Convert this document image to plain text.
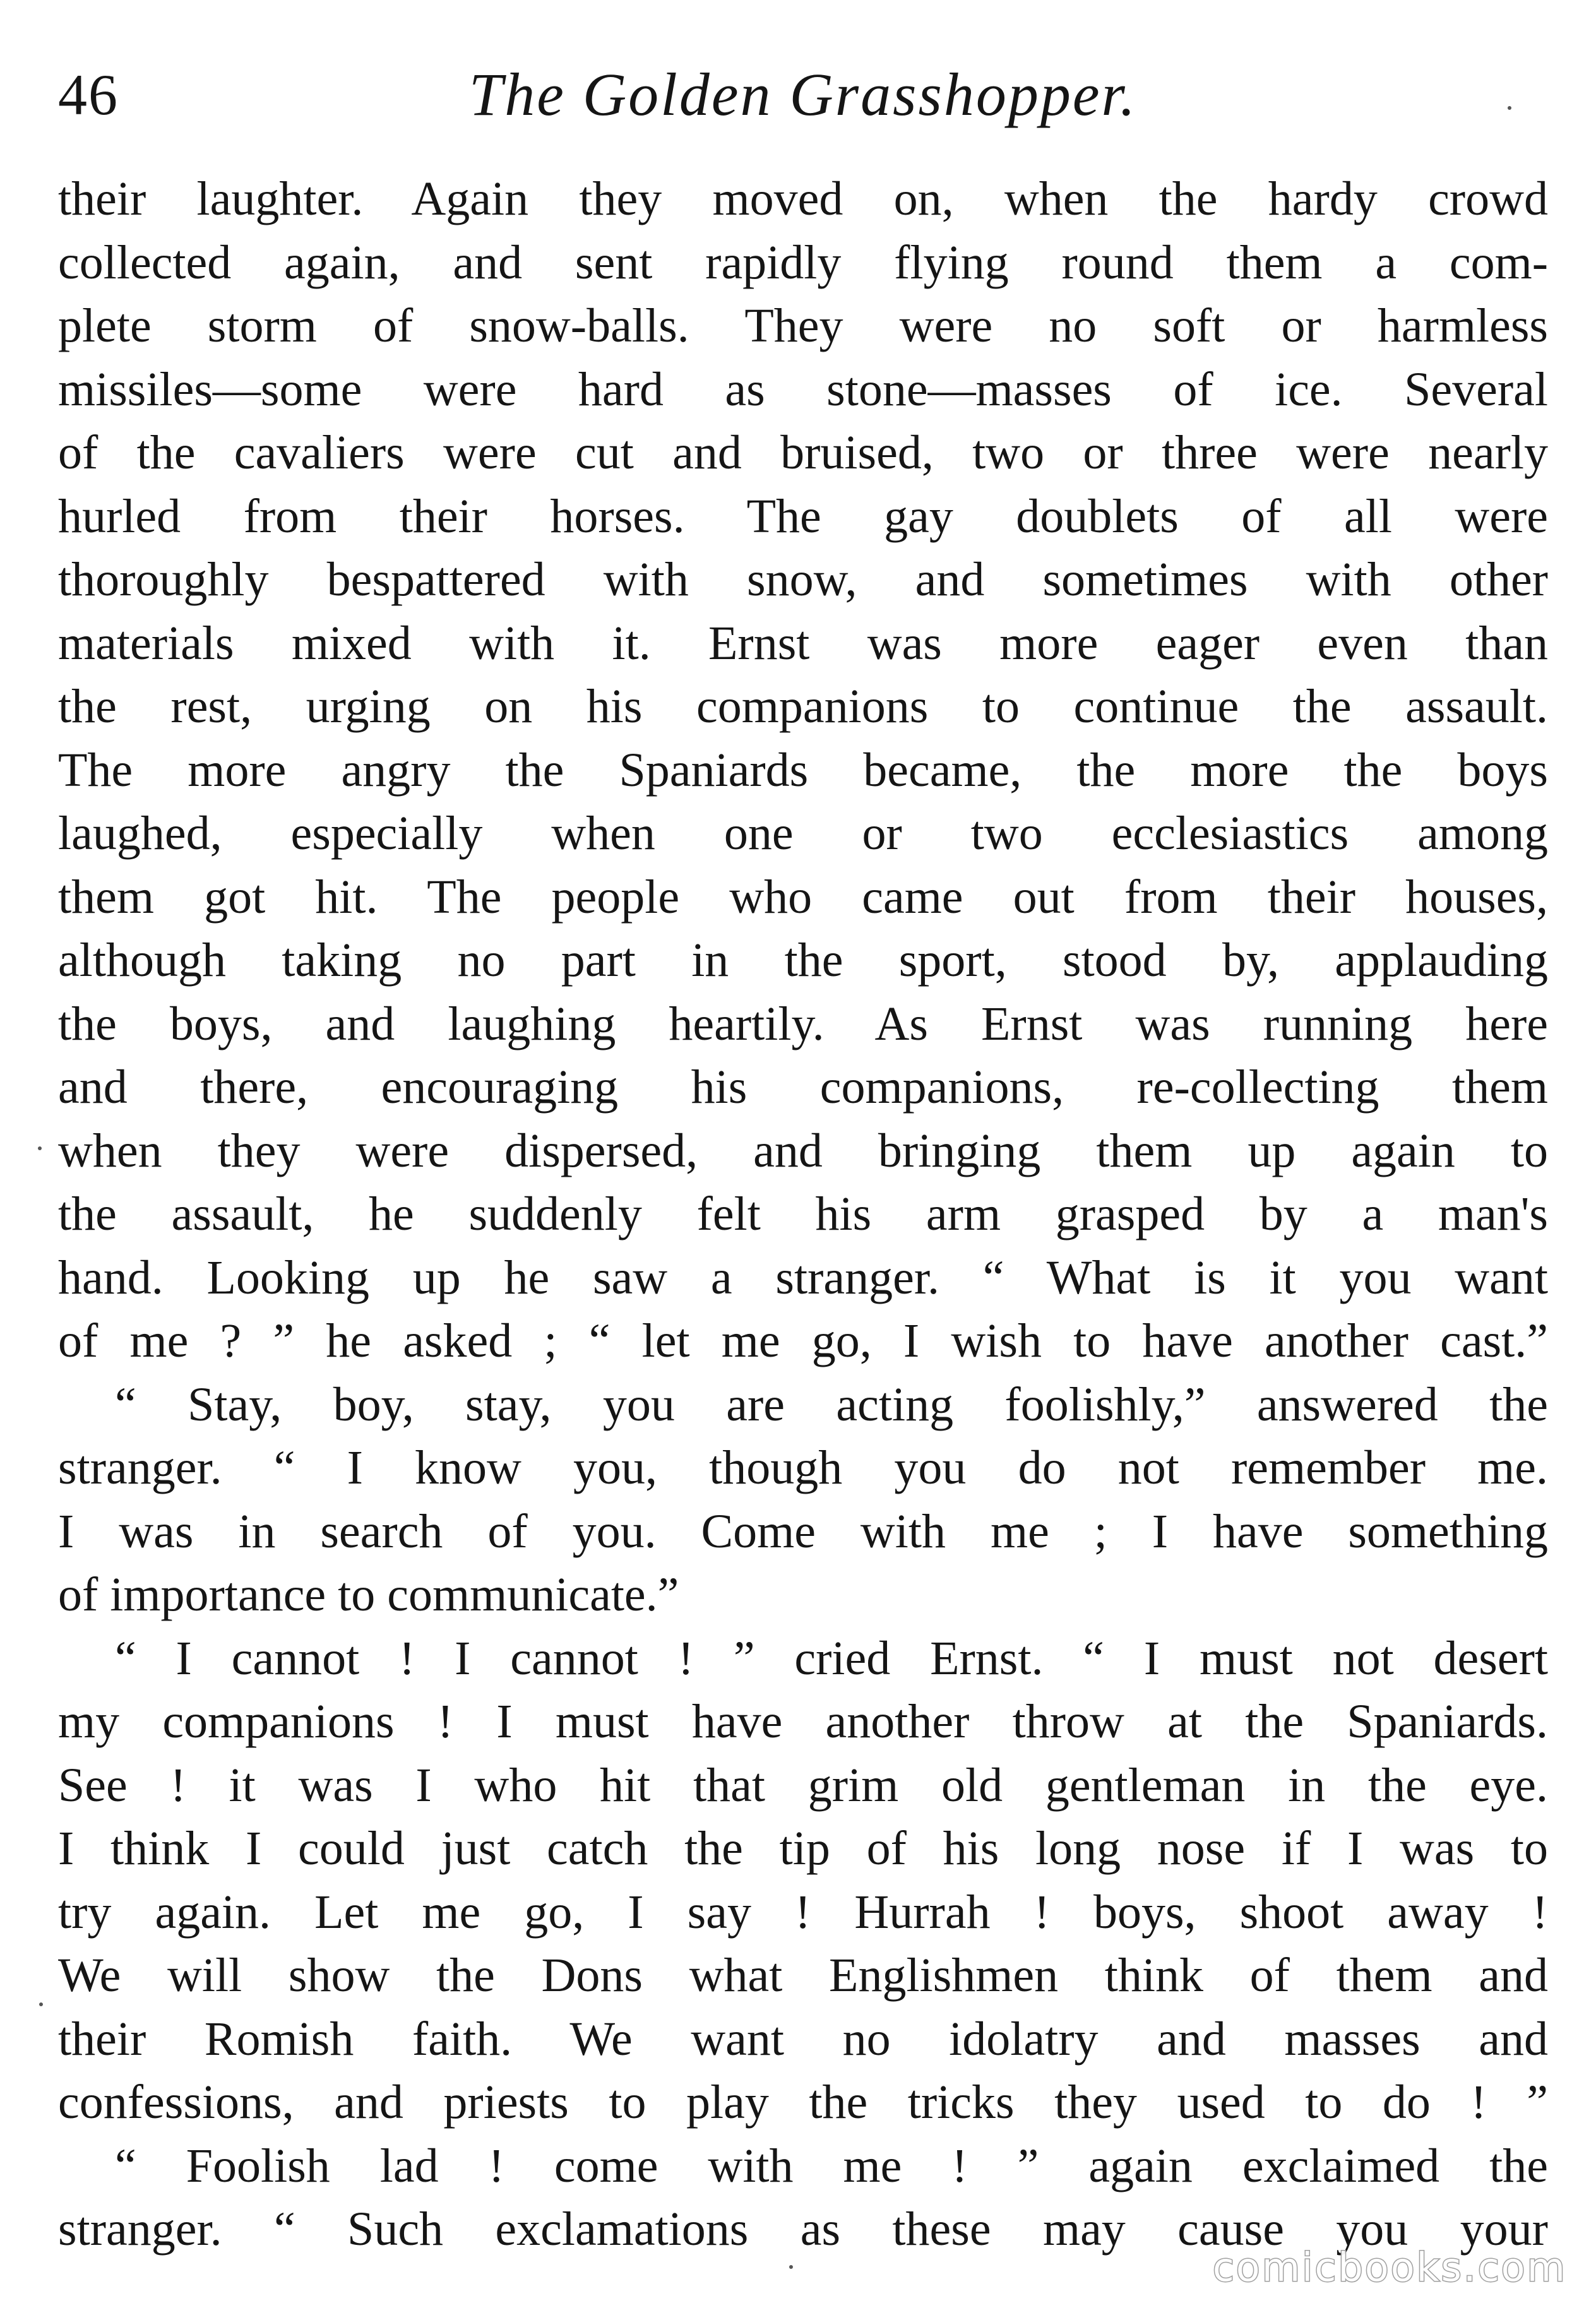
46	The Golden Grasshopper.
their laughter. Again they moved on, when the hardy crowd
collected again, and sent rapidly flying round them a com-
plete storm of snow-balls. They were no soft or harmless
missiles—some were hard as stone—masses of ice. Several
of the cavaliers were cut and bruised, two or three were nearly
hurled from their horses. The gay doublets of all were
thoroughly bespattered with snow, and sometimes with other
materials mixed with it. Ernst was more eager even than
the rest, urging on his companions to continue the assault.
The more angry the Spaniards became, the more the boys
laughed, especially when one or two ecclesiastics among
them got hit. The people who came out from their houses,
although taking no part in the sport, stood by, applauding
the boys, and laughing heartily. As Ernst was running here
and there, encouraging his companions, re-collecting them
when they were dispersed, and bringing them up again to
the assault, he suddenly felt his arm grasped by a man's
hand. Looking up he saw a stranger. “ What is it you want
of me ? ” he asked ; “ let me go, I wish to have another cast.”
“ Stay, boy, stay, you are acting foolishly,” answered the
stranger. “ I know you, though you do not remember me.
I was in search of you. Come with me ; I have something
of importance to communicate.”
“ I cannot ! I cannot ! ” cried Ernst. “ I must not desert
my companions ! I must have another throw at the Spaniards.
See ! it was I who hit that grim old gentleman in the eye.
I think I could just catch the tip of his long nose if I was to
try again. Let me go, I say ! Hurrah ! boys, shoot away !
We will show the Dons what Englishmen think of them and
their Romish faith. We want no idolatry and masses and
confessions, and priests to play the tricks they used to do ! ”
“ Foolish lad ! come with me ! ” again exclaimed the
stranger. “ Such exclamations as these may cause you your
comicbooks.com
